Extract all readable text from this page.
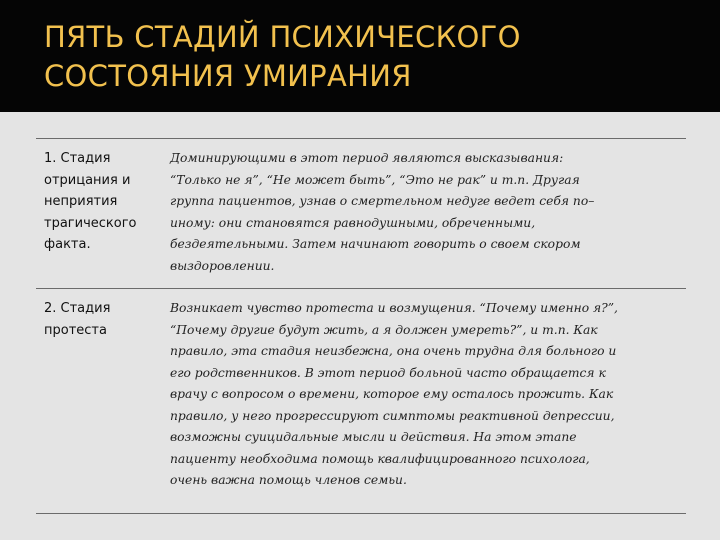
ПЯТЬ СТАДИЙ ПСИХИЧЕСКОГО
СОСТОЯНИЯ УМИРАНИЯ
1. Стадия
отрицания и
неприятия
трагического
факта.
Доминирующими в этот период являются высказывания:
“Только не я”, “Не может быть”, “Это не рак” и т.п. Другая
группа пациентов, узнав о смертельном недуге ведет себя по–
иному: они становятся равнодушными, обреченными,
бездеятельными. Затем начинают говорить о своем скором
выздоровлении.
2. Стадия
протеста
Возникает чувство протеста и возмущения. “Почему именно я?”,
“Почему другие будут жить, а я должен умереть?”, и т.п. Как
правило, эта стадия неизбежна, она очень трудна для больного и
его родственников. В этот период больной часто обращается к
врачу с вопросом о времени, которое ему осталось прожить. Как
правило, у него прогрессируют симптомы реактивной депрессии,
возможны суицидальные мысли и действия. На этом этапе
пациенту необходима помощь квалифицированного психолога,
очень важна помощь членов семьи.
